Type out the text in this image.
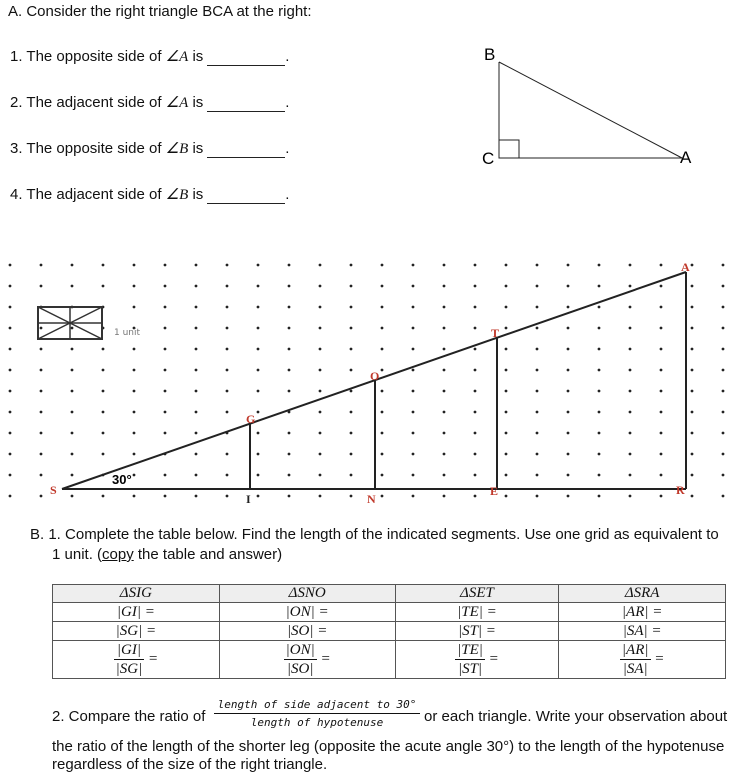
A. Consider the right triangle BCA at the right:
1. The opposite side of ∠A is	.
2. The adjacent side of ∠A is	.
3. The opposite side of ∠B is	.
4. The adjacent side of ∠B is	.
B
C	A
1 unit
S
I
G
N
O
E
T
R
A
30°
B. 1. Complete the table below. Find the length of the indicated segments. Use one grid as equivalent to
1 unit. (copy the table and answer)
ΔSIG	ΔSNO	ΔSET	ΔSRA
|GI| =	|ON| =	|TE| =	|AR| =
|SG| =	|SO| =	|ST| =	|SA| =

$\frac{|GI|}{|SG|}$ =	$\frac{|ON|}{|SO|}$ =	$\frac{|TE|}{|ST|}$ =	$\frac{|AR|}{|SA|}$ =
2. Compare the ratio of
length of side adjacent to 30°
length of hypotenuse	or each triangle. Write your observation about
the ratio of the length of the shorter leg (opposite the acute angle 30°) to the length of the hypotenuse
regardless of the size of the right triangle.
